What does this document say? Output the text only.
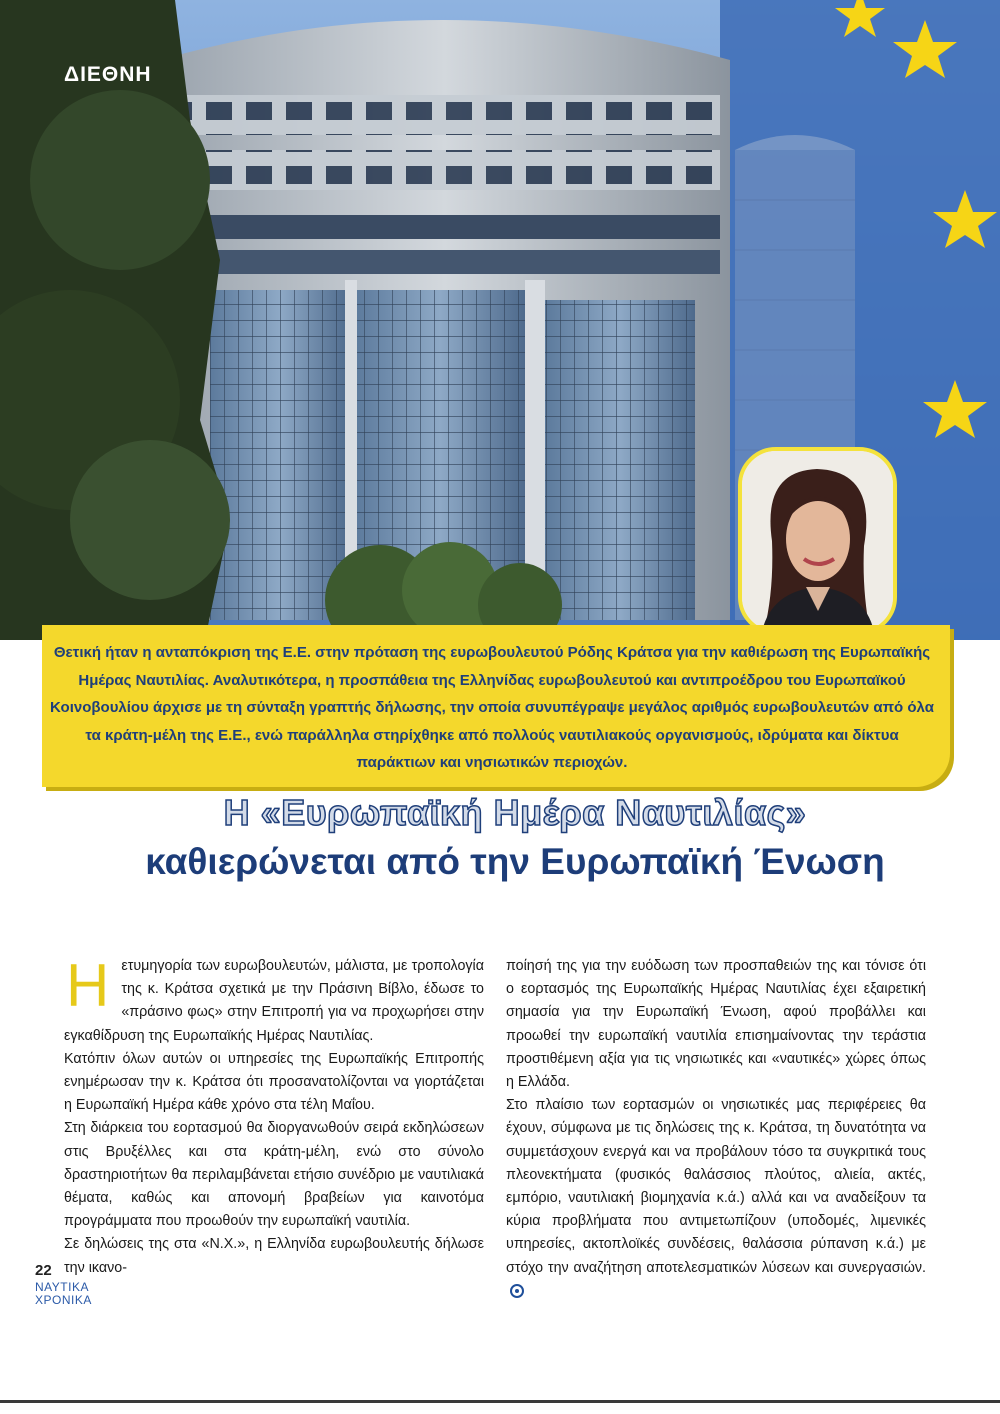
ΔΙΕΘΝΗ

Θετική ήταν η ανταπόκριση της Ε.Ε. στην πρόταση της ευρωβουλευτού Ρόδης Κράτσα για την καθιέρωση της Ευρωπαϊκής Ημέρας Ναυτιλίας. Αναλυτικότερα, η προσπάθεια της Ελληνίδας ευρωβουλευτού και αντιπροέδρου του Ευρωπαϊκού Κοινοβουλίου άρχισε με τη σύνταξη γραπτής δήλωσης, την οποία συνυπέγραψε μεγάλος αριθμός ευρωβουλευτών από όλα τα κράτη-μέλη της Ε.Ε., ενώ παράλληλα στηρίχθηκε από πολλούς ναυτιλιακούς οργανισμούς, ιδρύματα και δίκτυα παράκτιων και νησιωτικών περιοχών.

Η «Ευρωπαϊκή Ημέρα Ναυτιλίας»
καθιερώνεται από την Ευρωπαϊκή Ένωση

Ηετυμηγορία των ευρωβουλευτών, μάλιστα, με τροπολογία της κ. Κράτσα σχετικά με την Πράσινη Βίβλο, έδωσε το «πράσινο φως» στην Επιτροπή για να προχωρήσει στην εγκαθίδρυση της Ευρωπαϊκής Ημέρας Ναυτιλίας.

Κατόπιν όλων αυτών οι υπηρεσίες της Ευρωπαϊκής Επιτροπής ενημέρωσαν την κ. Κράτσα ότι προσανατολίζονται να γιορτάζεται η Ευρωπαϊκή Ημέρα κάθε χρόνο στα τέλη Μαΐου.

Στη διάρκεια του εορτασμού θα διοργανωθούν σειρά εκδηλώσεων στις Βρυξέλλες και στα κράτη-μέλη, ενώ στο σύνολο δραστηριοτήτων θα περιλαμβάνεται ετήσιο συνέδριο με ναυτιλιακά θέματα, καθώς και απονομή βραβείων για καινοτόμα προγράμματα που προωθούν την ευρωπαϊκή ναυτιλία.

Σε δηλώσεις της στα «Ν.Χ.», η Ελληνίδα ευρωβουλευτής δήλωσε την ικανο-

ποίησή της για την ευόδωση των προσπαθειών της και τόνισε ότι ο εορτασμός της Ευρωπαϊκής Ημέρας Ναυτιλίας έχει εξαιρετική σημασία για την Ευρωπαϊκή Ένωση, αφού προβάλλει και προωθεί την ευρωπαϊκή ναυτιλία επισημαίνοντας την τεράστια προστιθέμενη αξία για τις νησιωτικές και «ναυτικές» χώρες όπως η Ελλάδα.

Στο πλαίσιο των εορτασμών οι νησιωτικές μας περιφέρειες θα έχουν, σύμφωνα με τις δηλώσεις της κ. Κράτσα, τη δυνατότητα να συμμετάσχουν ενεργά και να προβάλουν τόσο τα συγκριτικά τους πλεονεκτήματα (φυσικός θαλάσσιος πλούτος, αλιεία, ακτές, εμπόριο, ναυτιλιακή βιομηχανία κ.ά.) αλλά και να αναδείξουν τα κύρια προβλήματα που αντιμετωπίζουν (υποδομές, λιμενικές υπηρεσίες, ακτοπλοϊκές συνδέσεις, θαλάσσια ρύπανση κ.ά.) με στόχο την αναζήτηση αποτελεσματικών λύσεων και συνεργασιών.

22
ΝΑΥΤΙΚΑ
ΧΡΟΝΙΚΑ
